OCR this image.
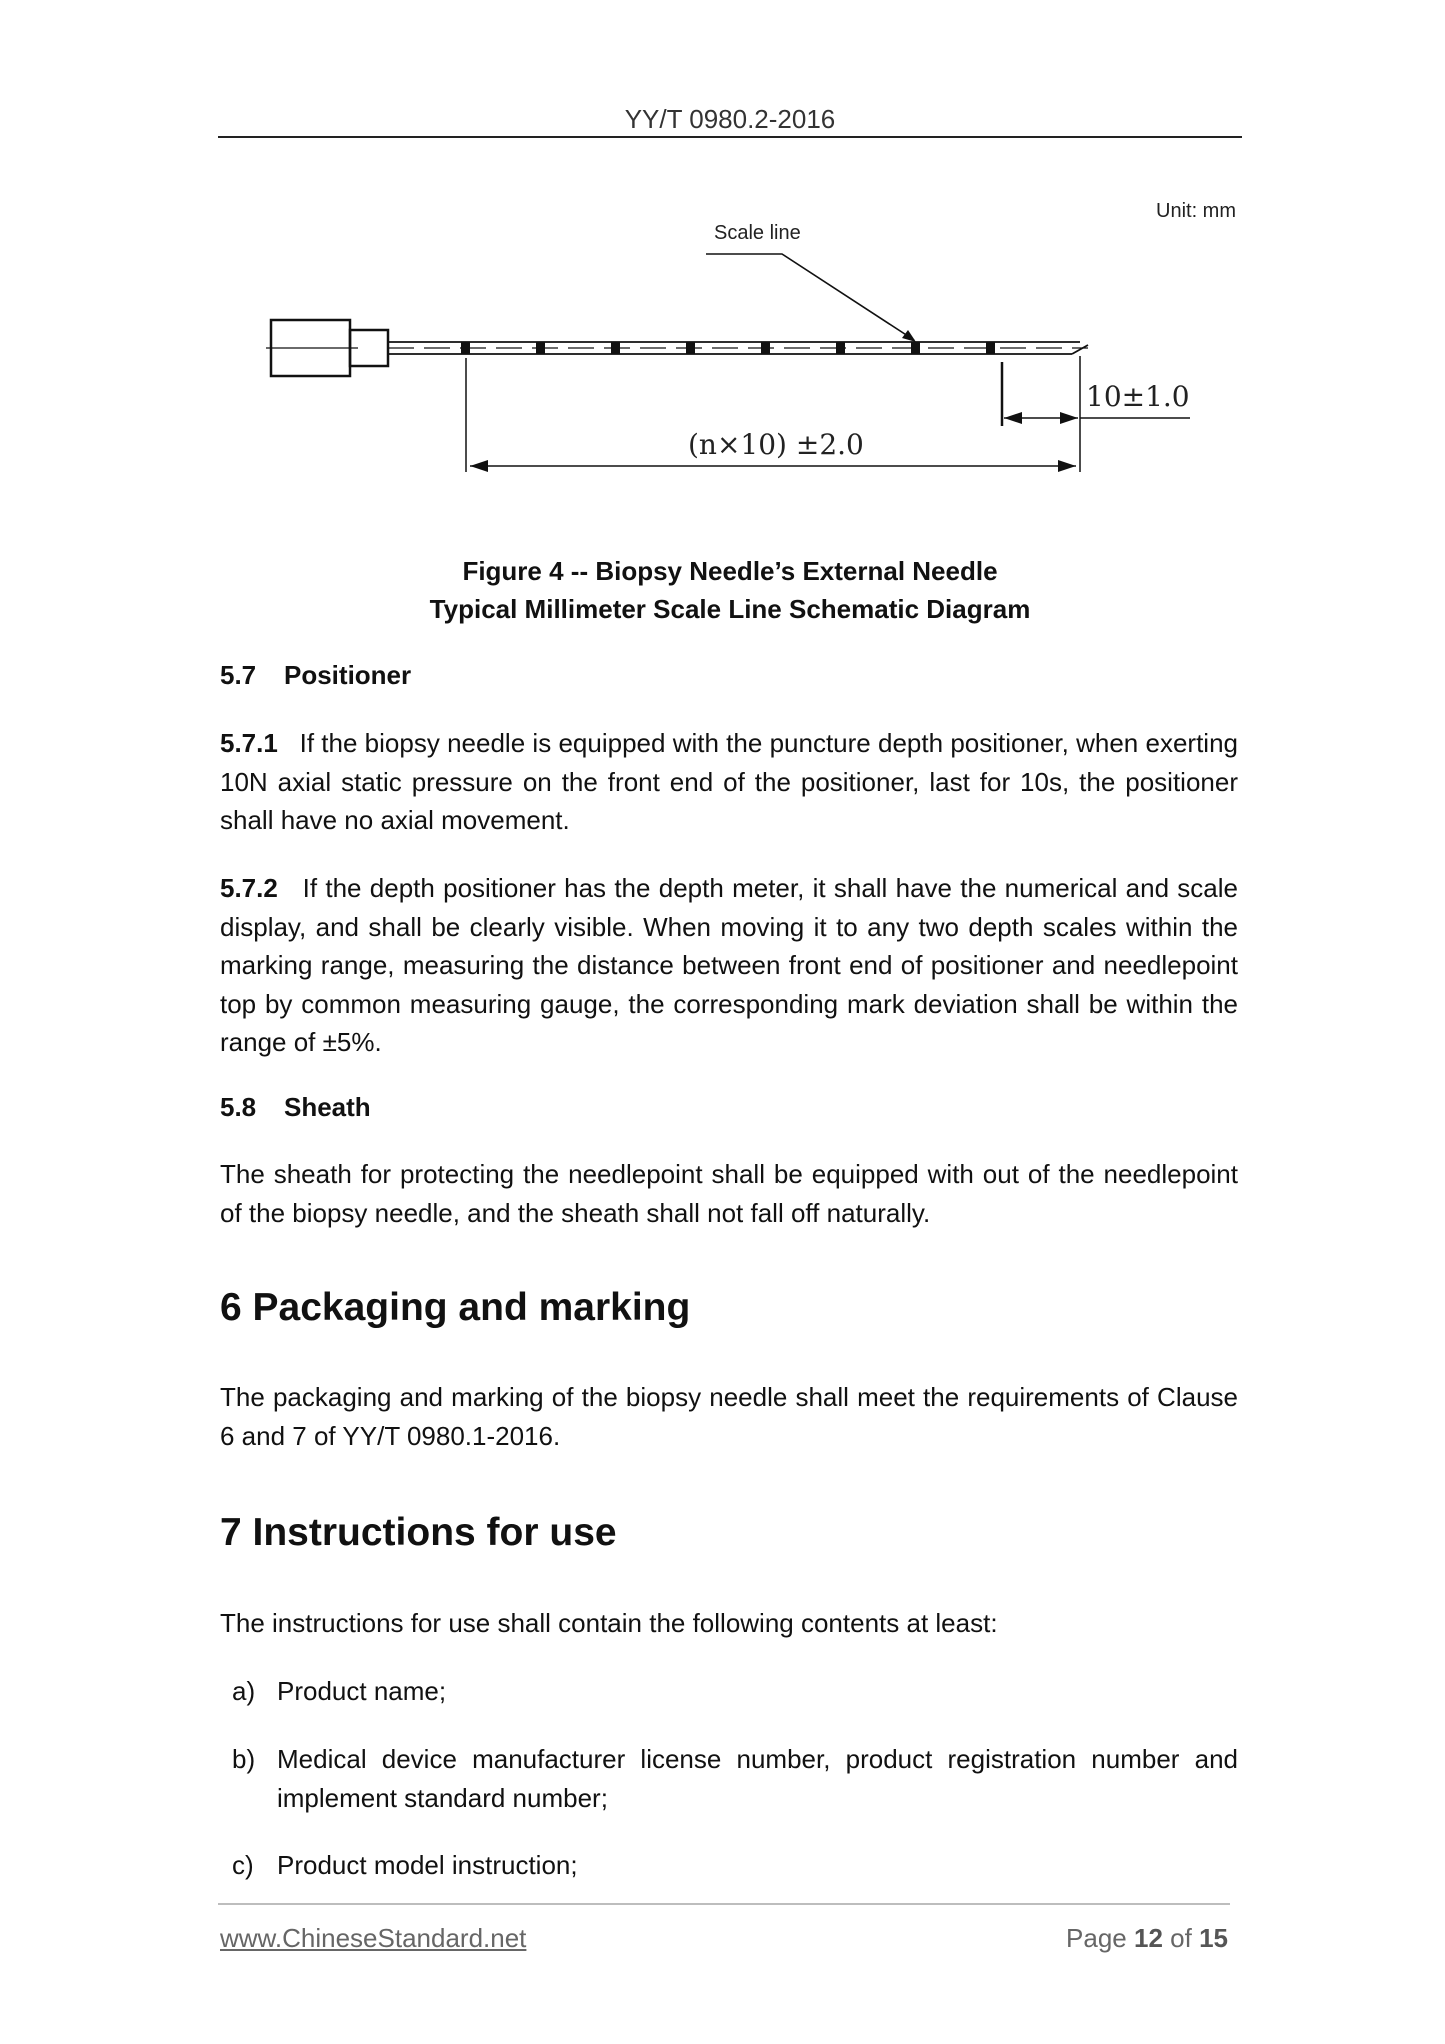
YY/T 0980.2-2016
Unit: mm
Scale line
10±1.0
(n×10) ±2.0
Figure 4 -- Biopsy Needle’s External Needle
Typical Millimeter Scale Line Schematic Diagram
5.7 Positioner
5.7.1 If the biopsy needle is equipped with the puncture depth positioner, when exerting 10N axial static pressure on the front end of the positioner, last for 10s, the positioner shall have no axial movement.
5.7.2 If the depth positioner has the depth meter, it shall have the numerical and scale display, and shall be clearly visible. When moving it to any two depth scales within the marking range, measuring the distance between front end of positioner and needlepoint top by common measuring gauge, the corresponding mark deviation shall be within the range of ±5%.
5.8 Sheath
The sheath for protecting the needlepoint shall be equipped with out of the needlepoint of the biopsy needle, and the sheath shall not fall off naturally.
6 Packaging and marking
The packaging and marking of the biopsy needle shall meet the requirements of Clause 6 and 7 of YY/T 0980.1-2016.
7 Instructions for use
The instructions for use shall contain the following contents at least:
a) Product name;
b) Medical device manufacturer license number, product registration number and implement standard number;
c) Product model instruction;
www.ChineseStandard.net	Page 12 of 15
